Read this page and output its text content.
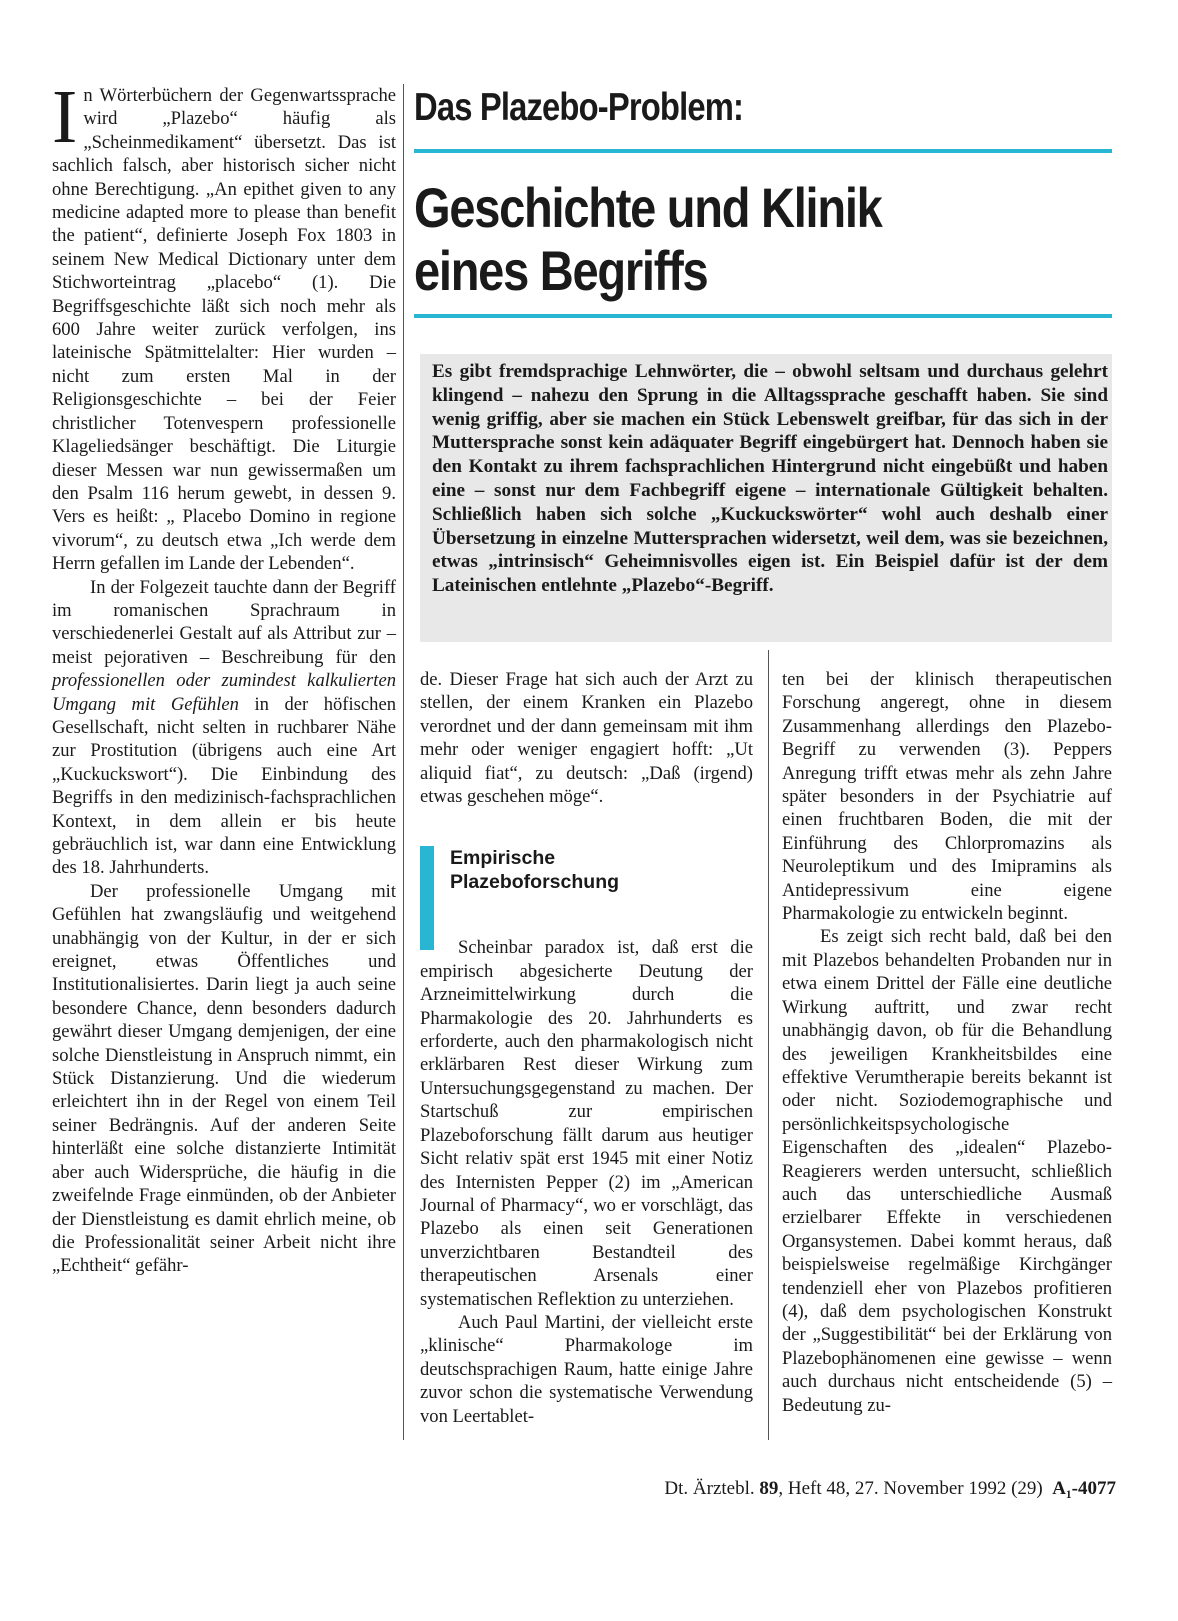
In Wörterbüchern der Gegenwartssprache wird „Plazebo“ häufig als „Scheinmedikament“ übersetzt. Das ist sachlich falsch, aber historisch sicher nicht ohne Berechtigung. „An epithet given to any medicine adapted more to please than benefit the patient“, definierte Joseph Fox 1803 in seinem New Medical Dictionary unter dem Stichworteintrag „placebo“ (1). Die Begriffsgeschichte läßt sich noch mehr als 600 Jahre weiter zurück verfolgen, ins lateinische Spätmittelalter: Hier wurden – nicht zum ersten Mal in der Religionsgeschichte – bei der Feier christlicher Totenvespern professionelle Klageliedsänger beschäftigt. Die Liturgie dieser Messen war nun gewissermaßen um den Psalm 116 herum gewebt, in dessen 9. Vers es heißt: „ Placebo Domino in regione vivorum“, zu deutsch etwa „Ich werde dem Herrn gefallen im Lande der Lebenden“.

In der Folgezeit tauchte dann der Begriff im romanischen Sprachraum in verschiedenerlei Gestalt auf als Attribut zur – meist pejorativen – Beschreibung für den professionellen oder zumindest kalkulierten Umgang mit Gefühlen in der höfischen Gesellschaft, nicht selten in ruchbarer Nähe zur Prostitution (übrigens auch eine Art „Kuckuckswort“). Die Einbindung des Begriffs in den medizinisch-fachsprachlichen Kontext, in dem allein er bis heute gebräuchlich ist, war dann eine Entwicklung des 18. Jahrhunderts.

Der professionelle Umgang mit Gefühlen hat zwangsläufig und weitgehend unabhängig von der Kultur, in der er sich ereignet, etwas Öffentliches und Institutionalisiertes. Darin liegt ja auch seine besondere Chance, denn besonders dadurch gewährt dieser Umgang demjenigen, der eine solche Dienstleistung in Anspruch nimmt, ein Stück Distanzierung. Und die wiederum erleichtert ihn in der Regel von einem Teil seiner Bedrängnis. Auf der anderen Seite hinterläßt eine solche distanzierte Intimität aber auch Widersprüche, die häufig in die zweifelnde Frage einmünden, ob der Anbieter der Dienstleistung es damit ehrlich meine, ob die Professionalität seiner Arbeit nicht ihre „Echtheit“ gefähr-

Das Plazebo-Problem:
Geschichte und Klinik
eines Begriffs

Es gibt fremdsprachige Lehnwörter, die – obwohl seltsam und durchaus gelehrt klingend – nahezu den Sprung in die Alltagssprache geschafft haben. Sie sind wenig griffig, aber sie machen ein Stück Lebenswelt greifbar, für das sich in der Muttersprache sonst kein adäquater Begriff eingebürgert hat. Dennoch haben sie den Kontakt zu ihrem fachsprachlichen Hintergrund nicht eingebüßt und haben eine – sonst nur dem Fachbegriff eigene – internationale Gültigkeit behalten. Schließlich haben sich solche „Kuckuckswörter“ wohl auch deshalb einer Übersetzung in einzelne Muttersprachen widersetzt, weil dem, was sie bezeichnen, etwas „intrinsisch“ Geheimnisvolles eigen ist. Ein Beispiel dafür ist der dem Lateinischen entlehnte „Plazebo“-Begriff.

de. Dieser Frage hat sich auch der Arzt zu stellen, der einem Kranken ein Plazebo verordnet und der dann gemeinsam mit ihm mehr oder weniger engagiert hofft: „Ut aliquid fiat“, zu deutsch: „Daß (irgend) etwas geschehen möge“.

Empirische
Plazeboforschung

Scheinbar paradox ist, daß erst die empirisch abgesicherte Deutung der Arzneimittelwirkung durch die Pharmakologie des 20. Jahrhunderts es erforderte, auch den pharmakologisch nicht erklärbaren Rest dieser Wirkung zum Untersuchungsgegenstand zu machen. Der Startschuß zur empirischen Plazeboforschung fällt darum aus heutiger Sicht relativ spät erst 1945 mit einer Notiz des Internisten Pepper (2) im „American Journal of Pharmacy“, wo er vorschlägt, das Plazebo als einen seit Generationen unverzichtbaren Bestandteil des therapeutischen Arsenals einer systematischen Reflektion zu unterziehen.

Auch Paul Martini, der vielleicht erste „klinische“ Pharmakologe im deutschsprachigen Raum, hatte einige Jahre zuvor schon die systematische Verwendung von Leertablet-

ten bei der klinisch therapeutischen Forschung angeregt, ohne in diesem Zusammenhang allerdings den Plazebo-Begriff zu verwenden (3). Peppers Anregung trifft etwas mehr als zehn Jahre später besonders in der Psychiatrie auf einen fruchtbaren Boden, die mit der Einführung des Chlorpromazins als Neuroleptikum und des Imipramins als Antidepressivum eine eigene Pharmakologie zu entwickeln beginnt.

Es zeigt sich recht bald, daß bei den mit Plazebos behandelten Probanden nur in etwa einem Drittel der Fälle eine deutliche Wirkung auftritt, und zwar recht unabhängig davon, ob für die Behandlung des jeweiligen Krankheitsbildes eine effektive Verumtherapie bereits bekannt ist oder nicht. Soziodemographische und persönlichkeitspsychologische Eigenschaften des „idealen“ Plazebo-Reagierers werden untersucht, schließlich auch das unterschiedliche Ausmaß erzielbarer Effekte in verschiedenen Organsystemen. Dabei kommt heraus, daß beispielsweise regelmäßige Kirchgänger tendenziell eher von Plazebos profitieren (4), daß dem psychologischen Konstrukt der „Suggestibilität“ bei der Erklärung von Plazebophänomenen eine gewisse – wenn auch durchaus nicht entscheidende (5) – Bedeutung zu-

Dt. Ärztebl. 89, Heft 48, 27. November 1992 (29) A₁-4077
